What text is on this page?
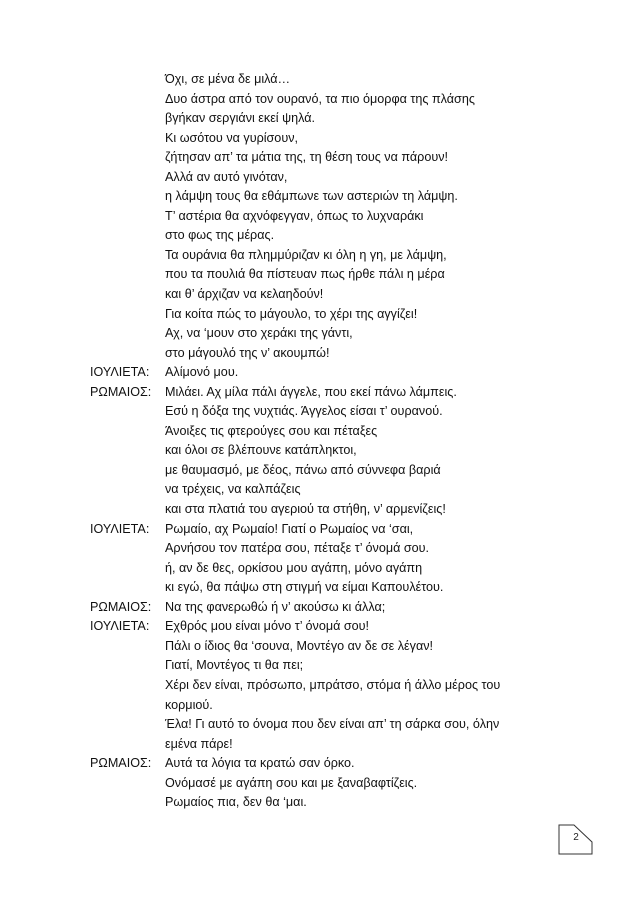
Όχι, σε μένα δε μιλά…
Δυο άστρα από τον ουρανό, τα πιο όμορφα της πλάσης
βγήκαν σεργιάνι εκεί ψηλά.
Κι ωσότου να γυρίσουν,
ζήτησαν απ’ τα μάτια της, τη θέση τους να πάρουν!
Αλλά αν αυτό γινόταν,
η λάμψη τους θα εθάμπωνε των αστεριών τη λάμψη.
Τ’ αστέρια θα αχνόφεγγαν, όπως το λυχναράκι
στο φως της μέρας.
Τα ουράνια θα πλημμύριζαν κι όλη η γη, με λάμψη,
που τα πουλιά θα πίστευαν πως ήρθε πάλι η μέρα
και θ’ άρχιζαν να κελαηδούν!
Για κοίτα πώς το μάγουλο, το χέρι της αγγίζει!
Αχ, να ‘μουν στο χεράκι της γάντι,
στο μάγουλό της ν’ ακουμπώ!
ΙΟΥΛΙΕΤΑ: Αλίμονό μου.
ΡΩΜΑΙΟΣ: Μιλάει. Αχ μίλα πάλι άγγελε, που εκεί πάνω λάμπεις.
Εσύ η δόξα της νυχτιάς. Άγγελος είσαι τ’ ουρανού.
Άνοιξες τις φτερούγες σου και πέταξες
και όλοι σε βλέπουνε κατάπληκτοι,
με θαυμασμό, με δέος, πάνω από σύννεφα βαριά
να τρέχεις, να καλπάζεις
και στα πλατιά του αγεριού τα στήθη, ν’ αρμενίζεις!
ΙΟΥΛΙΕΤΑ: Ρωμαίο, αχ Ρωμαίο! Γιατί ο Ρωμαίος να ‘σαι,
Αρνήσου τον πατέρα σου, πέταξε τ’ όνομά σου.
ή, αν δε θες, ορκίσου μου αγάπη, μόνο αγάπη
κι εγώ, θα πάψω στη στιγμή να είμαι Καπουλέτου.
ΡΩΜΑΙΟΣ: Να της φανερωθώ ή ν’ ακούσω κι άλλα;
ΙΟΥΛΙΕΤΑ: Εχθρός μου είναι μόνο τ’ όνομά σου!
Πάλι ο ίδιος θα ‘σουνα, Μοντέγο αν δε σε λέγαν!
Γιατί, Μοντέγος τι θα πει;
Χέρι δεν είναι, πρόσωπο, μπράτσο, στόμα ή άλλο μέρος του
κορμιού.
Έλα! Γι αυτό το όνομα που δεν είναι απ’ τη σάρκα σου, όλην
εμένα πάρε!
ΡΩΜΑΙΟΣ: Αυτά τα λόγια τα κρατώ σαν όρκο.
Ονόμασέ με αγάπη σου και με ξαναβαφτίζεις.
Ρωμαίος πια, δεν θα ‘μαι.
2
